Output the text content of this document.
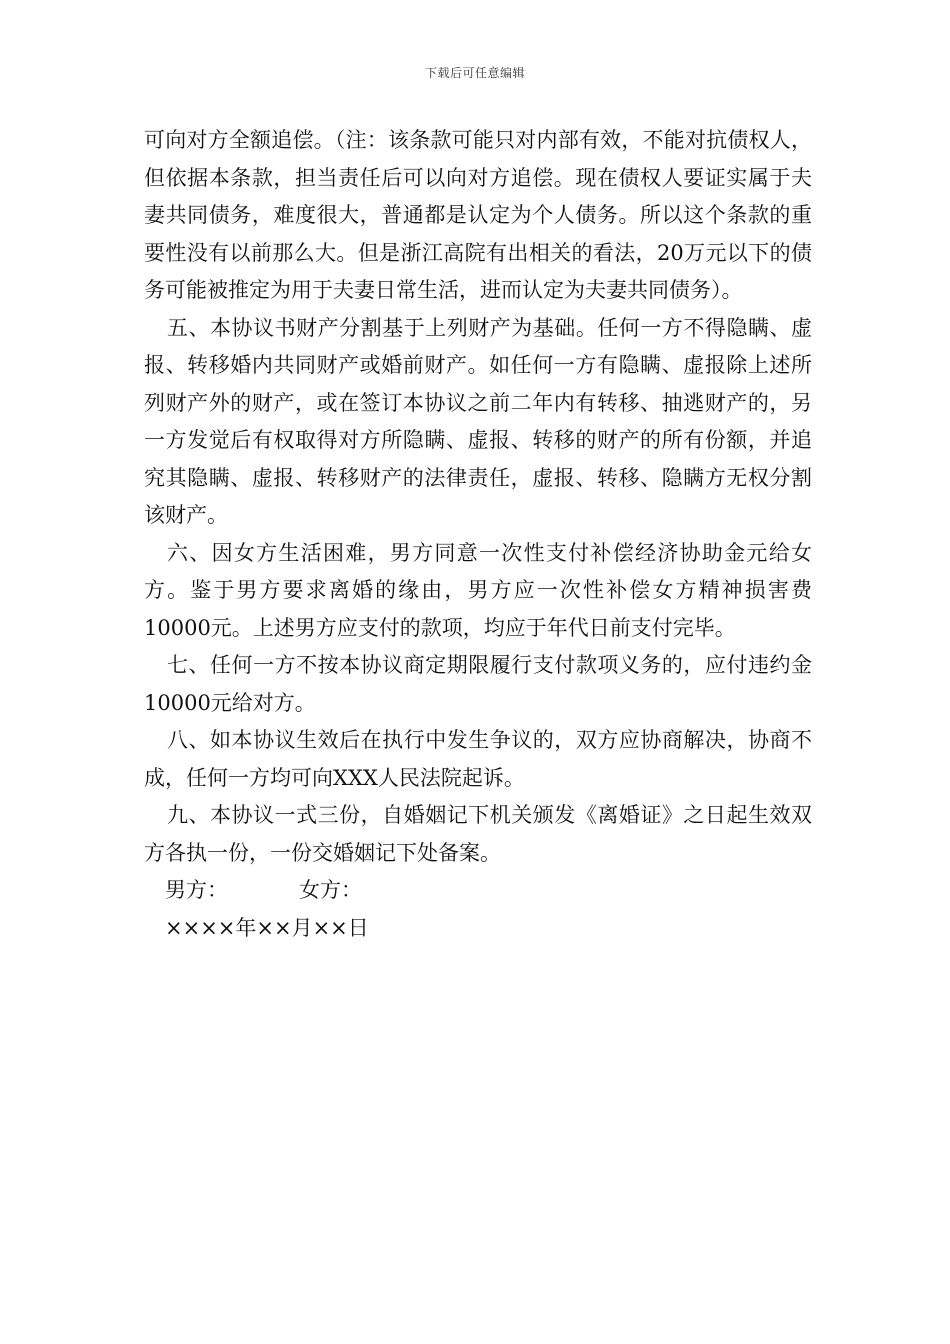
下载后可任意编辑

可向对方全额追偿。（注：该条款可能只对内部有效，不能对抗债权人，但依据本条款，担当责任后可以向对方追偿。现在债权人要证实属于夫妻共同债务，难度很大，普通都是认定为个人债务。所以这个条款的重要性没有以前那么大。但是浙江高院有出相关的看法，20万元以下的债务可能被推定为用于夫妻日常生活，进而认定为夫妻共同债务）。

五、本协议书财产分割基于上列财产为基础。任何一方不得隐瞒、虚报、转移婚内共同财产或婚前财产。如任何一方有隐瞒、虚报除上述所列财产外的财产，或在签订本协议之前二年内有转移、抽逃财产的，另一方发觉后有权取得对方所隐瞒、虚报、转移的财产的所有份额，并追究其隐瞒、虚报、转移财产的法律责任，虚报、转移、隐瞒方无权分割该财产。

六、因女方生活困难，男方同意一次性支付补偿经济协助金元给女方。鉴于男方要求离婚的缘由，男方应一次性补偿女方精神损害费10000元。上述男方应支付的款项，均应于年代日前支付完毕。

七、任何一方不按本协议商定期限履行支付款项义务的，应付违约金10000元给对方。

八、如本协议生效后在执行中发生争议的，双方应协商解决，协商不成，任何一方均可向XXX人民法院起诉。

九、本协议一式三份，自婚姻记下机关颁发《离婚证》之日起生效双方各执一份，一份交婚姻记下处备案。

男方：	女方：
××××年××月××日
